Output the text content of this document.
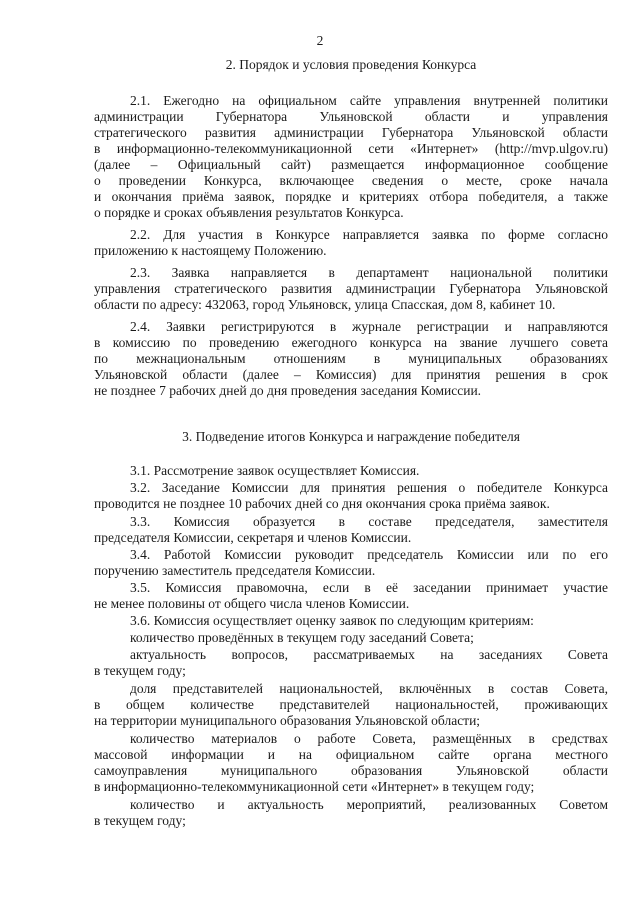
2
2. Порядок и условия проведения Конкурса
2.1. Ежегодно на официальном сайте управления внутренней политики
администрации Губернатора Ульяновской области и управления
стратегического развития администрации Губернатора Ульяновской области
в информационно-телекоммуникационной сети «Интернет» (http://mvp.ulgov.ru)
(далее – Официальный сайт) размещается информационное сообщение
о проведении Конкурса, включающее сведения о месте, сроке начала
и окончания приёма заявок, порядке и критериях отбора победителя, а также
о порядке и сроках объявления результатов Конкурса.
2.2. Для участия в Конкурсе направляется заявка по форме согласно
приложению к настоящему Положению.
2.3. Заявка направляется в департамент национальной политики
управления стратегического развития администрации Губернатора Ульяновской
области по адресу: 432063, город Ульяновск, улица Спасская, дом 8, кабинет 10.
2.4. Заявки регистрируются в журнале регистрации и направляются
в комиссию по проведению ежегодного конкурса на звание лучшего совета
по межнациональным отношениям в муниципальных образованиях
Ульяновской области (далее – Комиссия) для принятия решения в срок
не позднее 7 рабочих дней до дня проведения заседания Комиссии.
3. Подведение итогов Конкурса и награждение победителя
3.1. Рассмотрение заявок осуществляет Комиссия.
3.2. Заседание Комиссии для принятия решения о победителе Конкурса
проводится не позднее 10 рабочих дней со дня окончания срока приёма заявок.
3.3. Комиссия образуется в составе председателя, заместителя
председателя Комиссии, секретаря и членов Комиссии.
3.4. Работой Комиссии руководит председатель Комиссии или по его
поручению заместитель председателя Комиссии.
3.5. Комиссия правомочна, если в её заседании принимает участие
не менее половины от общего числа членов Комиссии.
3.6. Комиссия осуществляет оценку заявок по следующим критериям:
количество проведённых в текущем году заседаний Совета;
актуальность вопросов, рассматриваемых на заседаниях Совета
в текущем году;
доля представителей национальностей, включённых в состав Совета,
в общем количестве представителей национальностей, проживающих
на территории муниципального образования Ульяновской области;
количество материалов о работе Совета, размещённых в средствах
массовой информации и на официальном сайте органа местного
самоуправления муниципального образования Ульяновской области
в информационно-телекоммуникационной сети «Интернет» в текущем году;
количество и актуальность мероприятий, реализованных Советом
в текущем году;
